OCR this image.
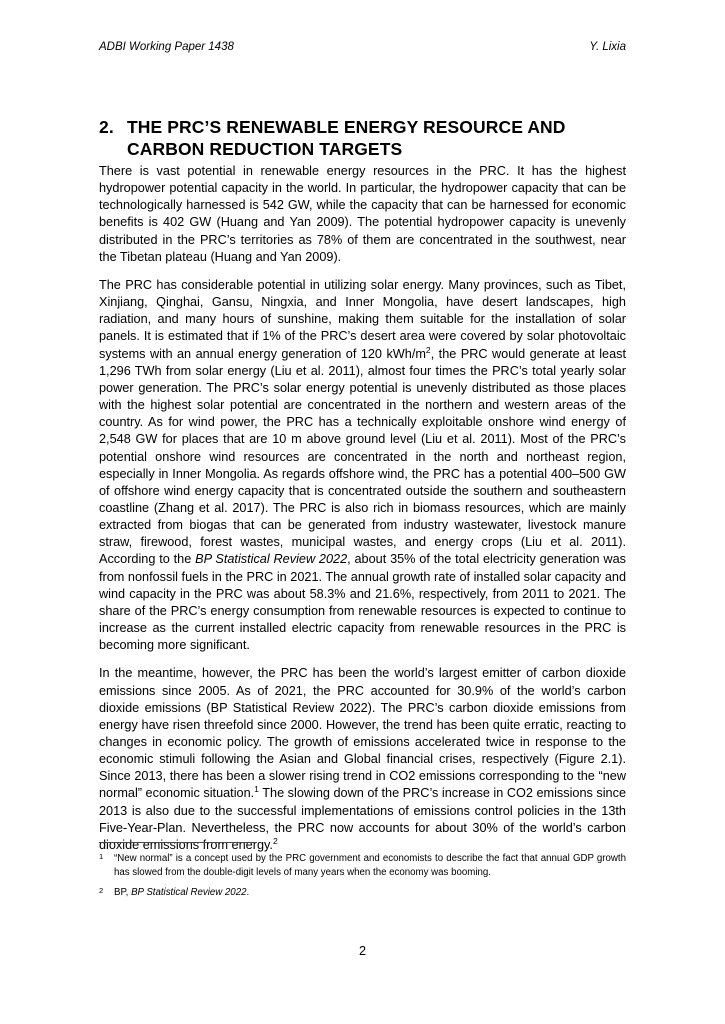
ADBI Working Paper 1438	Y. Lixia
2. THE PRC’S RENEWABLE ENERGY RESOURCE AND CARBON REDUCTION TARGETS

There is vast potential in renewable energy resources in the PRC. It has the highest hydropower potential capacity in the world. In particular, the hydropower capacity that can be technologically harnessed is 542 GW, while the capacity that can be harnessed for economic benefits is 402 GW (Huang and Yan 2009). The potential hydropower capacity is unevenly distributed in the PRC’s territories as 78% of them are concentrated in the southwest, near the Tibetan plateau (Huang and Yan 2009).

The PRC has considerable potential in utilizing solar energy. Many provinces, such as Tibet, Xinjiang, Qinghai, Gansu, Ningxia, and Inner Mongolia, have desert landscapes, high radiation, and many hours of sunshine, making them suitable for the installation of solar panels. It is estimated that if 1% of the PRC’s desert area were covered by solar photovoltaic systems with an annual energy generation of 120 kWh/$m^2$, the PRC would generate at least 1,296 TWh from solar energy (Liu et al. 2011), almost four times the PRC’s total yearly solar power generation. The PRC’s solar energy potential is unevenly distributed as those places with the highest solar potential are concentrated in the northern and western areas of the country. As for wind power, the PRC has a technically exploitable onshore wind energy of 2,548 GW for places that are 10 m above ground level (Liu et al. 2011). Most of the PRC’s potential onshore wind resources are concentrated in the north and northeast region, especially in Inner Mongolia. As regards offshore wind, the PRC has a potential 400–500 GW of offshore wind energy capacity that is concentrated outside the southern and southeastern coastline (Zhang et al. 2017). The PRC is also rich in biomass resources, which are mainly extracted from biogas that can be generated from industry wastewater, livestock manure straw, firewood, forest wastes, municipal wastes, and energy crops (Liu et al. 2011). According to the BP Statistical Review 2022, about 35% of the total electricity generation was from nonfossil fuels in the PRC in 2021. The annual growth rate of installed solar capacity and wind capacity in the PRC was about 58.3% and 21.6%, respectively, from 2011 to 2021. The share of the PRC’s energy consumption from renewable resources is expected to continue to increase as the current installed electric capacity from renewable resources in the PRC is becoming more significant.

In the meantime, however, the PRC has been the world’s largest emitter of carbon dioxide emissions since 2005. As of 2021, the PRC accounted for 30.9% of the world’s carbon dioxide emissions (BP Statistical Review 2022). The PRC’s carbon dioxide emissions from energy have risen threefold since 2000. However, the trend has been quite erratic, reacting to changes in economic policy. The growth of emissions accelerated twice in response to the economic stimuli following the Asian and Global financial crises, respectively (Figure 2.1). Since 2013, there has been a slower rising trend in CO2 emissions corresponding to the “new normal” economic situation.$^1$ The slowing down of the PRC’s increase in CO2 emissions since 2013 is also due to the successful implementations of emissions control policies in the 13th Five-Year-Plan. Nevertheless, the PRC now accounts for about 30% of the world’s carbon dioxide emissions from energy.$^2$

1	“New normal” is a concept used by the PRC government and economists to describe the fact that annual GDP growth has slowed from the double-digit levels of many years when the economy was booming.
2	BP, BP Statistical Review 2022.
2
